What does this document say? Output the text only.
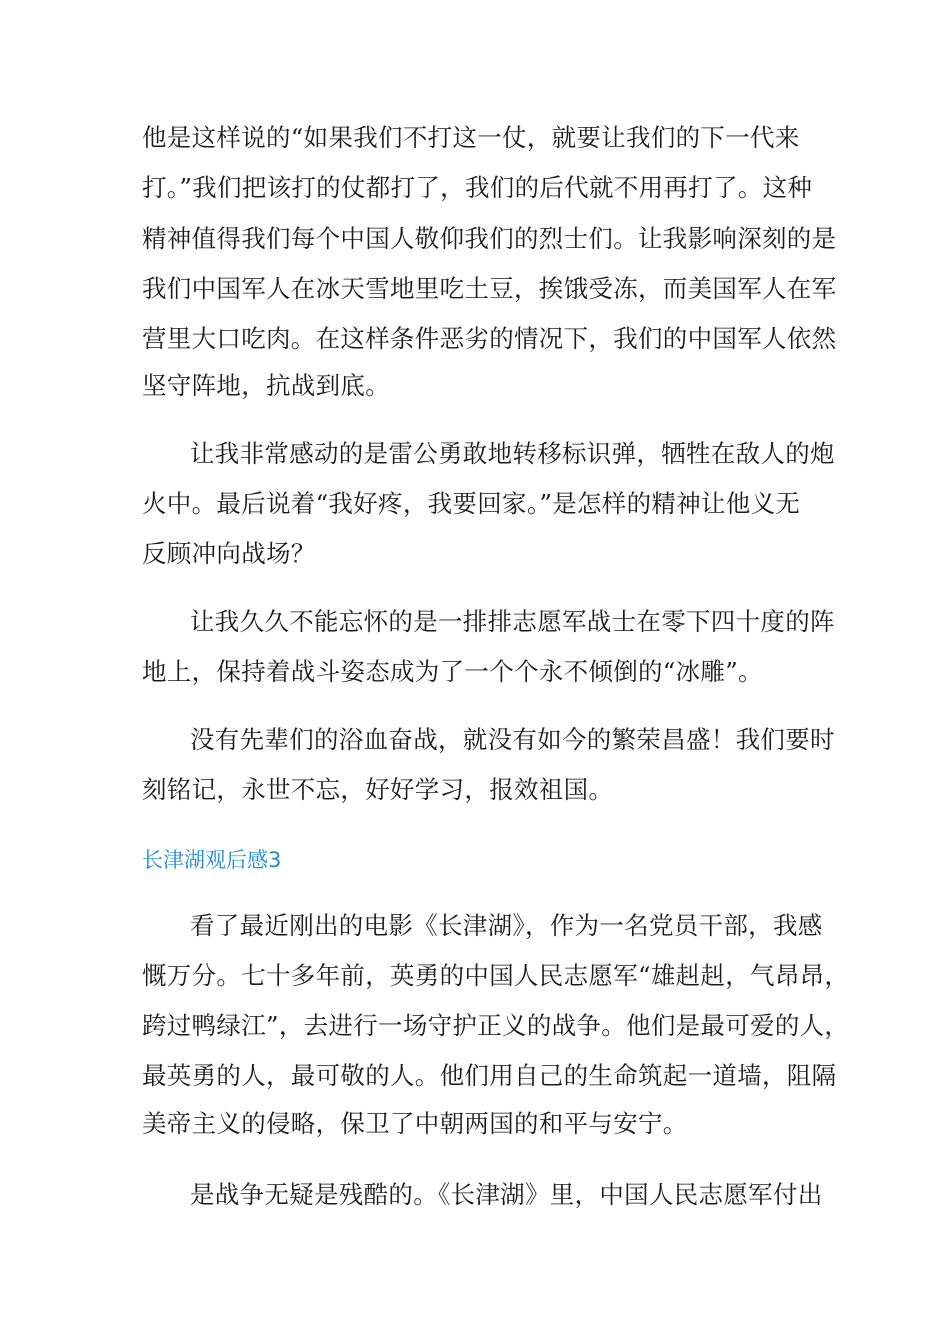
他是这样说的“如果我们不打这一仗，就要让我们的下一代来
打。”我们把该打的仗都打了，我们的后代就不用再打了。这种
精神值得我们每个中国人敬仰我们的烈士们。让我影响深刻的是
我们中国军人在冰天雪地里吃土豆，挨饿受冻，而美国军人在军
营里大口吃肉。在这样条件恶劣的情况下，我们的中国军人依然
坚守阵地，抗战到底。
让我非常感动的是雷公勇敢地转移标识弹，牺牲在敌人的炮
火中。最后说着“我好疼，我要回家。”是怎样的精神让他义无
反顾冲向战场？
让我久久不能忘怀的是一排排志愿军战士在零下四十度的阵
地上，保持着战斗姿态成为了一个个永不倾倒的“冰雕”。
没有先辈们的浴血奋战，就没有如今的繁荣昌盛！我们要时
刻铭记，永世不忘，好好学习，报效祖国。
长津湖观后感3
看了最近刚出的电影《长津湖》，作为一名党员干部，我感
慨万分。七十多年前，英勇的中国人民志愿军“雄赳赳，气昂昂，
跨过鸭绿江”，去进行一场守护正义的战争。他们是最可爱的人，
最英勇的人，最可敬的人。他们用自己的生命筑起一道墙，阻隔
美帝主义的侵略，保卫了中朝两国的和平与安宁。
是战争无疑是残酷的。《长津湖》里，中国人民志愿军付出
